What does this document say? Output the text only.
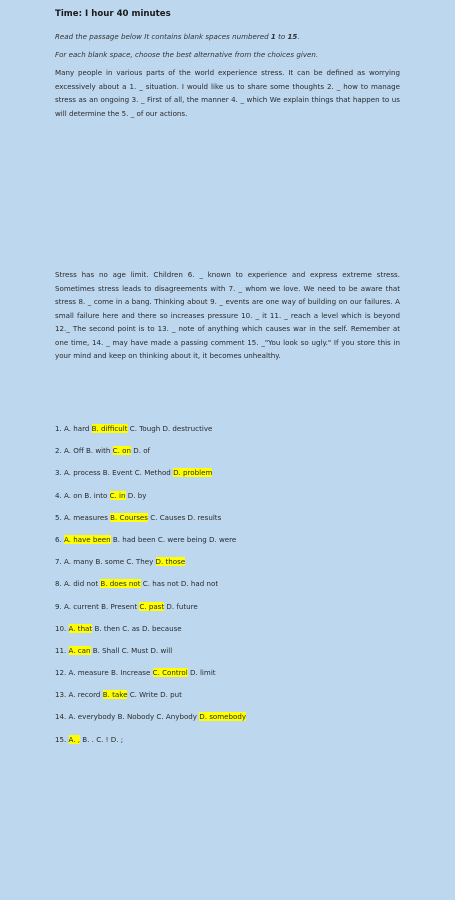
Time: I hour 40 minutes

Read the passage below It contains blank spaces numbered 1 to 15.

For each blank space, choose the best alternative from the choices given.

Many people in various parts of the world experience stress. It can be defined as worrying excessively about a 1. _ situation. I would like us to share some thoughts 2. _ how to manage stress as an ongoing 3. _ First of all, the manner 4. _ which We explain things that happen to us will determine the 5. _ of our actions.

Stress has no age limit. Children 6. _ known to experience and express extreme stress. Sometimes stress leads to disagreements with 7. _ whom we love. We need to be aware that stress 8. _ come in a bang. Thinking about 9. _ events are one way of building on our failures. A small failure here and there so increases pressure 10. _ it 11. _ reach a level which is beyond 12._ The second point is to 13. _ note of anything which causes war in the self. Remember at one time, 14. _ may have made a passing comment 15. _"You look so ugly." If you store this in your mind and keep on thinking about it, it becomes unhealthy.

1. A. hard B. difficult C. Tough D. destructive
2. A. Off B. with C. on D. of
3. A. process B. Event C. Method D. problem
4. A. on B. into C. in D. by
5. A. measures B. Courses C. Causes D. results
6. A. have been B. had been C. were being D. were
7. A. many B. some C. They D. those
8. A. did not B. does not C. has not D. had not
9. A. current B. Present C. past D. future
10. A. that B. then C. as D. because
11. A. can B. Shall C. Must D. will
12. A. measure B. Increase C. Control D. limit
13. A. record B. take C. Write D. put
14. A. everybody B. Nobody C. Anybody D. somebody
15. A. , B. . C. ! D. ;
